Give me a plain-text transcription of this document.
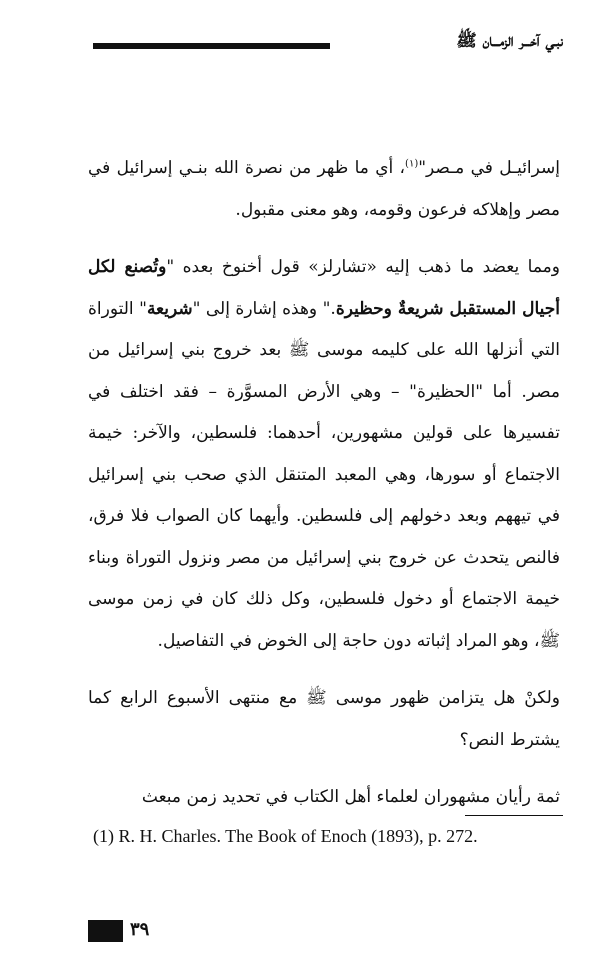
نبـي آخـــر الزمـــان ﷺ

إسرائيـل في مـصر"$^{(١)}$، أي ما ظهر من نصرة الله بنـي إسرائيل في مصر وإهلاكه فرعون وقومه، وهو معنى مقبول.

ومما يعضد ما ذهب إليه «تشارلز» قول أخنوخ بعده "وتُصنع لكل أجيال المستقبل شريعةٌ وحظيرة." وهذه إشارة إلى "شريعة" التوراة التي أنزلها الله على كليمه موسى ﷺ بعد خروج بني إسرائيل من مصر. أما "الحظيرة" – وهي الأرض المسوَّرة – فقد اختلف في تفسيرها على قولين مشهورين، أحدهما: فلسطين، والآخر: خيمة الاجتماع أو سورها، وهي المعبد المتنقل الذي صحب بني إسرائيل في تيههم وبعد دخولهم إلى فلسطين. وأيهما كان الصواب فلا فرق، فالنص يتحدث عن خروج بني إسرائيل من مصر ونزول التوراة وبناء خيمة الاجتماع أو دخول فلسطين، وكل ذلك كان في زمن موسى ﷺ، وهو المراد إثباته دون حاجة إلى الخوض في التفاصيل.

ولكنْ هل يتزامن ظهور موسى ﷺ مع منتهى الأسبوع الرابع كما يشترط النص؟

ثمة رأيان مشهوران لعلماء أهل الكتاب في تحديد زمن مبعث

(1) R. H. Charles. The Book of Enoch (1893), p. 272.
٣٩
